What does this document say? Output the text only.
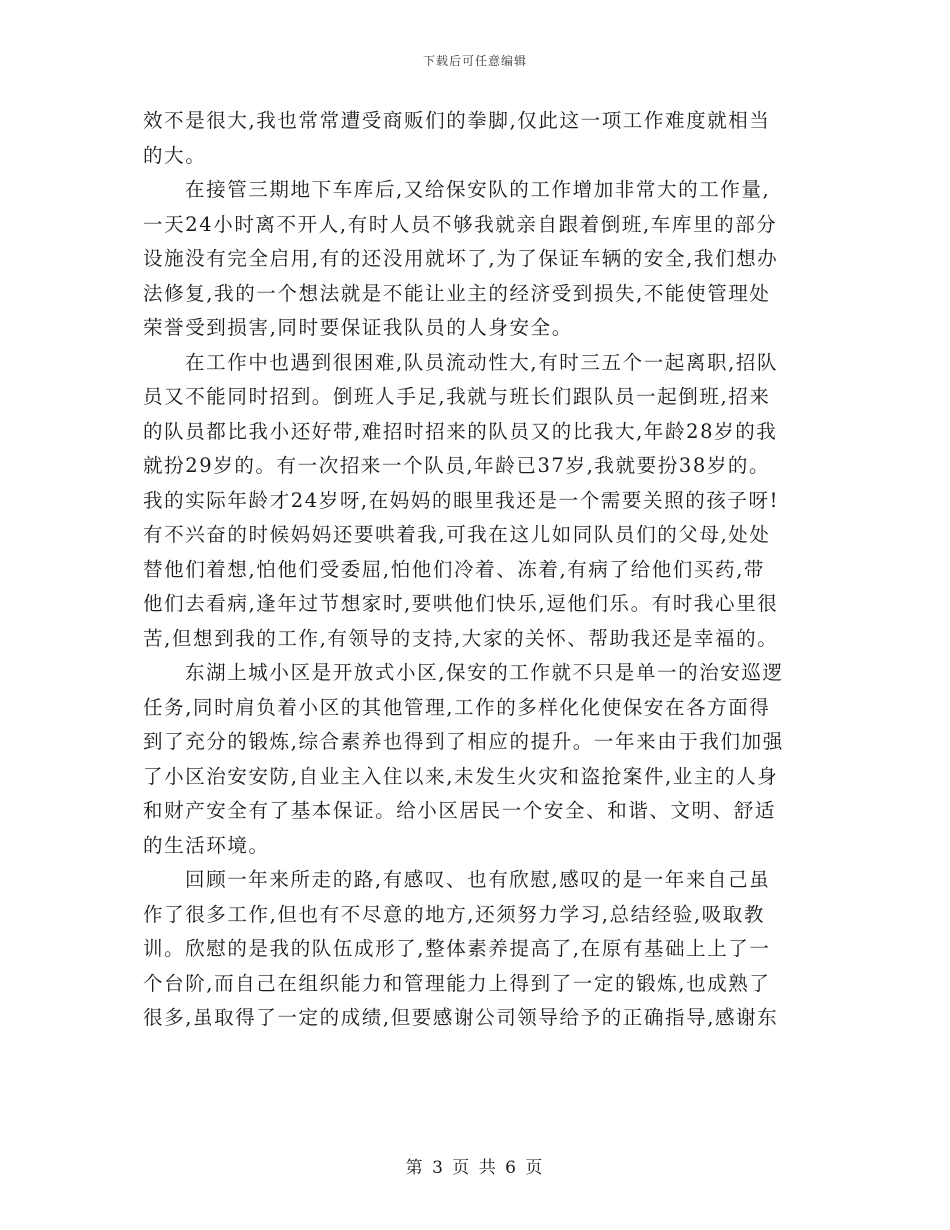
下载后可任意编辑
效不是很大,我也常常遭受商贩们的拳脚,仅此这一项工作难度就相当
的大。
在接管三期地下车库后,又给保安队的工作增加非常大的工作量,
一天24小时离不开人,有时人员不够我就亲自跟着倒班,车库里的部分
设施没有完全启用,有的还没用就坏了,为了保证车辆的安全,我们想办
法修复,我的一个想法就是不能让业主的经济受到损失,不能使管理处
荣誉受到损害,同时要保证我队员的人身安全。
在工作中也遇到很困难,队员流动性大,有时三五个一起离职,招队
员又不能同时招到。倒班人手足,我就与班长们跟队员一起倒班,招来
的队员都比我小还好带,难招时招来的队员又的比我大,年龄28岁的我
就扮29岁的。有一次招来一个队员,年龄已37岁,我就要扮38岁的。
我的实际年龄才24岁呀,在妈妈的眼里我还是一个需要关照的孩子呀!
有不兴奋的时候妈妈还要哄着我,可我在这儿如同队员们的父母,处处
替他们着想,怕他们受委屈,怕他们冷着、冻着,有病了给他们买药,带
他们去看病,逢年过节想家时,要哄他们快乐,逗他们乐。有时我心里很
苦,但想到我的工作,有领导的支持,大家的关怀、帮助我还是幸福的。
东湖上城小区是开放式小区,保安的工作就不只是单一的治安巡逻
任务,同时肩负着小区的其他管理,工作的多样化化使保安在各方面得
到了充分的锻炼,综合素养也得到了相应的提升。一年来由于我们加强
了小区治安安防,自业主入住以来,未发生火灾和盗抢案件,业主的人身
和财产安全有了基本保证。给小区居民一个安全、和谐、文明、舒适
的生活环境。
回顾一年来所走的路,有感叹、也有欣慰,感叹的是一年来自己虽
作了很多工作,但也有不尽意的地方,还须努力学习,总结经验,吸取教
训。欣慰的是我的队伍成形了,整体素养提高了,在原有基础上上了一
个台阶,而自己在组织能力和管理能力上得到了一定的锻炼,也成熟了
很多,虽取得了一定的成绩,但要感谢公司领导给予的正确指导,感谢东
第 3 页 共 6 页
